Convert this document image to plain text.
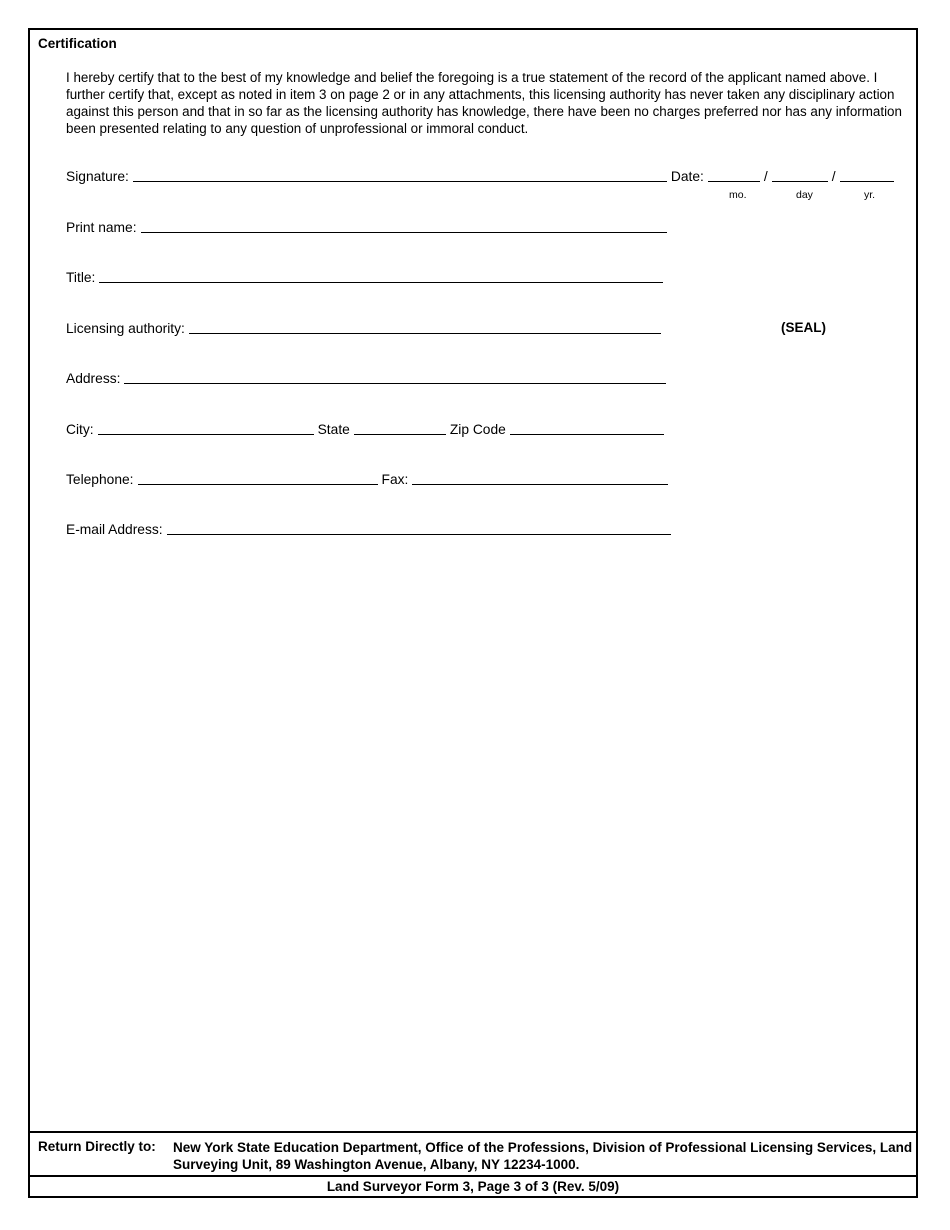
Certification
I hereby certify that to the best of my knowledge and belief the foregoing is a true statement of the record of the applicant named above. I further certify that, except as noted in item 3 on page 2 or in any attachments, this licensing authority has never taken any disciplinary action against this person and that in so far as the licensing authority has knowledge, there have been no charges preferred nor has any information been presented relating to any question of unprofessional or immoral conduct.
Signature:	Date:	/	/
mo.	day	yr.
Print name:
Title:
Licensing authority:	(SEAL)
Address:
City:	State	Zip Code
Telephone:	Fax:
E-mail Address:
Return Directly to: New York State Education Department, Office of the Professions, Division of Professional Licensing Services, Land Surveying Unit, 89 Washington Avenue, Albany, NY 12234-1000.
Land Surveyor Form 3, Page 3 of 3 (Rev. 5/09)
